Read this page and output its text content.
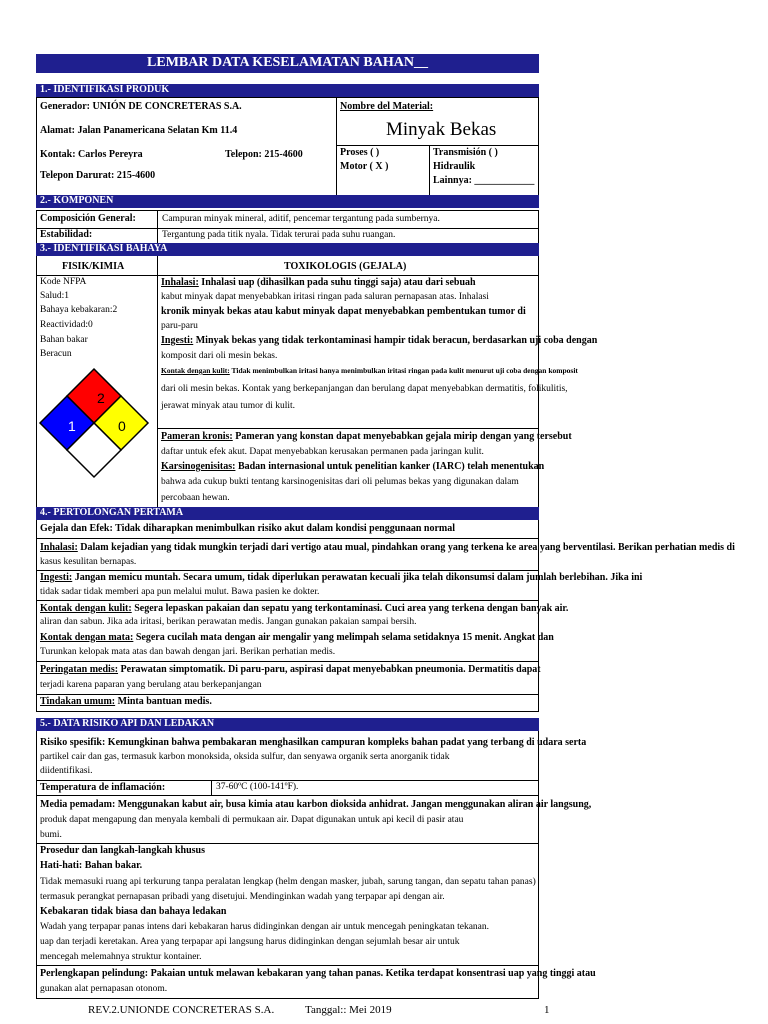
LEMBAR DATA KESELAMATAN BAHAN__
1.- IDENTIFIKASI PRODUK
Generador: UNIÓN DE CONCRETERAS S.A.
Alamat: Jalan Panamericana Selatan Km 11.4
Kontak: Carlos Pereyra	Telepon: 215-4600
Telepon Darurat: 215-4600
Nombre del Material:
Minyak Bekas
Proses ( )
Motor ( X )
Transmisión ( )
Hidraulik
Lainnya: ____________
2.- KOMPONEN
Composición General:	Campuran minyak mineral, aditif, pencemar tergantung pada sumbernya.
Estabilidad:	Tergantung pada titik nyala. Tidak terurai pada suhu ruangan.
3.- IDENTIFIKASI BAHAYA
FISIK/KIMIA	TOXIKOLOGIS (GEJALA)
Kode NFPA
Salud:1
Bahaya kebakaran:2
Reactividad:0
Bahan bakar
Beracun
2
1	0
Inhalasi: Inhalasi uap (dihasilkan pada suhu tinggi saja) atau dari sebuah
kabut minyak dapat menyebabkan iritasi ringan pada saluran pernapasan atas. Inhalasi
kronik minyak bekas atau kabut minyak dapat menyebabkan pembentukan tumor di
paru-paru
Ingesti: Minyak bekas yang tidak terkontaminasi hampir tidak beracun, berdasarkan uji coba dengan
komposit dari oli mesin bekas.
Kontak dengan kulit: Tidak menimbulkan iritasi hanya menimbulkan iritasi ringan pada kulit menurut uji coba dengan komposit
dari oli mesin bekas. Kontak yang berkepanjangan dan berulang dapat menyebabkan dermatitis, folikulitis,
jerawat minyak atau tumor di kulit.
Pameran kronis: Pameran yang konstan dapat menyebabkan gejala mirip dengan yang tersebut
daftar untuk efek akut. Dapat menyebabkan kerusakan permanen pada jaringan kulit.
Karsinogenisitas: Badan internasional untuk penelitian kanker (IARC) telah menentukan
bahwa ada cukup bukti tentang karsinogenisitas dari oli pelumas bekas yang digunakan dalam
percobaan hewan.
4.- PERTOLONGAN PERTAMA
Gejala dan Efek: Tidak diharapkan menimbulkan risiko akut dalam kondisi penggunaan normal
Inhalasi: Dalam kejadian yang tidak mungkin terjadi dari vertigo atau mual, pindahkan orang yang terkena ke area yang berventilasi. Berikan perhatian medis di
kasus kesulitan bernapas.
Ingesti: Jangan memicu muntah. Secara umum, tidak diperlukan perawatan kecuali jika telah dikonsumsi dalam jumlah berlebihan. Jika ini
tidak sadar tidak memberi apa pun melalui mulut. Bawa pasien ke dokter.
Kontak dengan kulit: Segera lepaskan pakaian dan sepatu yang terkontaminasi. Cuci area yang terkena dengan banyak air.
aliran dan sabun. Jika ada iritasi, berikan perawatan medis. Jangan gunakan pakaian sampai bersih.
Kontak dengan mata: Segera cucilah mata dengan air mengalir yang melimpah selama setidaknya 15 menit. Angkat dan
Turunkan kelopak mata atas dan bawah dengan jari. Berikan perhatian medis.
Peringatan medis: Perawatan simptomatik. Di paru-paru, aspirasi dapat menyebabkan pneumonia. Dermatitis dapat
terjadi karena paparan yang berulang atau berkepanjangan
Tindakan umum: Minta bantuan medis.
5.- DATA RISIKO API DAN LEDAKAN
Risiko spesifik: Kemungkinan bahwa pembakaran menghasilkan campuran kompleks bahan padat yang terbang di udara serta
partikel cair dan gas, termasuk karbon monoksida, oksida sulfur, dan senyawa organik serta anorganik tidak
diidentifikasi.
Temperatura de inflamación:	37-60ºC (100-141ºF).
Media pemadam: Menggunakan kabut air, busa kimia atau karbon dioksida anhidrat. Jangan menggunakan aliran air langsung,
produk dapat mengapung dan menyala kembali di permukaan air. Dapat digunakan untuk api kecil di pasir atau
bumi.
Prosedur dan langkah-langkah khusus
Hati-hati: Bahan bakar.
Tidak memasuki ruang api terkurung tanpa peralatan lengkap (helm dengan masker, jubah, sarung tangan, dan sepatu tahan panas)
termasuk perangkat pernapasan pribadi yang disetujui. Mendinginkan wadah yang terpapar api dengan air.
Kebakaran tidak biasa dan bahaya ledakan
Wadah yang terpapar panas intens dari kebakaran harus didinginkan dengan air untuk mencegah peningkatan tekanan.
uap dan terjadi keretakan. Area yang terpapar api langsung harus didinginkan dengan sejumlah besar air untuk
mencegah melemahnya struktur kontainer.
Perlengkapan pelindung: Pakaian untuk melawan kebakaran yang tahan panas. Ketika terdapat konsentrasi uap yang tinggi atau
gunakan alat pernapasan otonom.
REV.2.UNIONDE CONCRETERAS S.A.	Tanggal:: Mei 2019	1
